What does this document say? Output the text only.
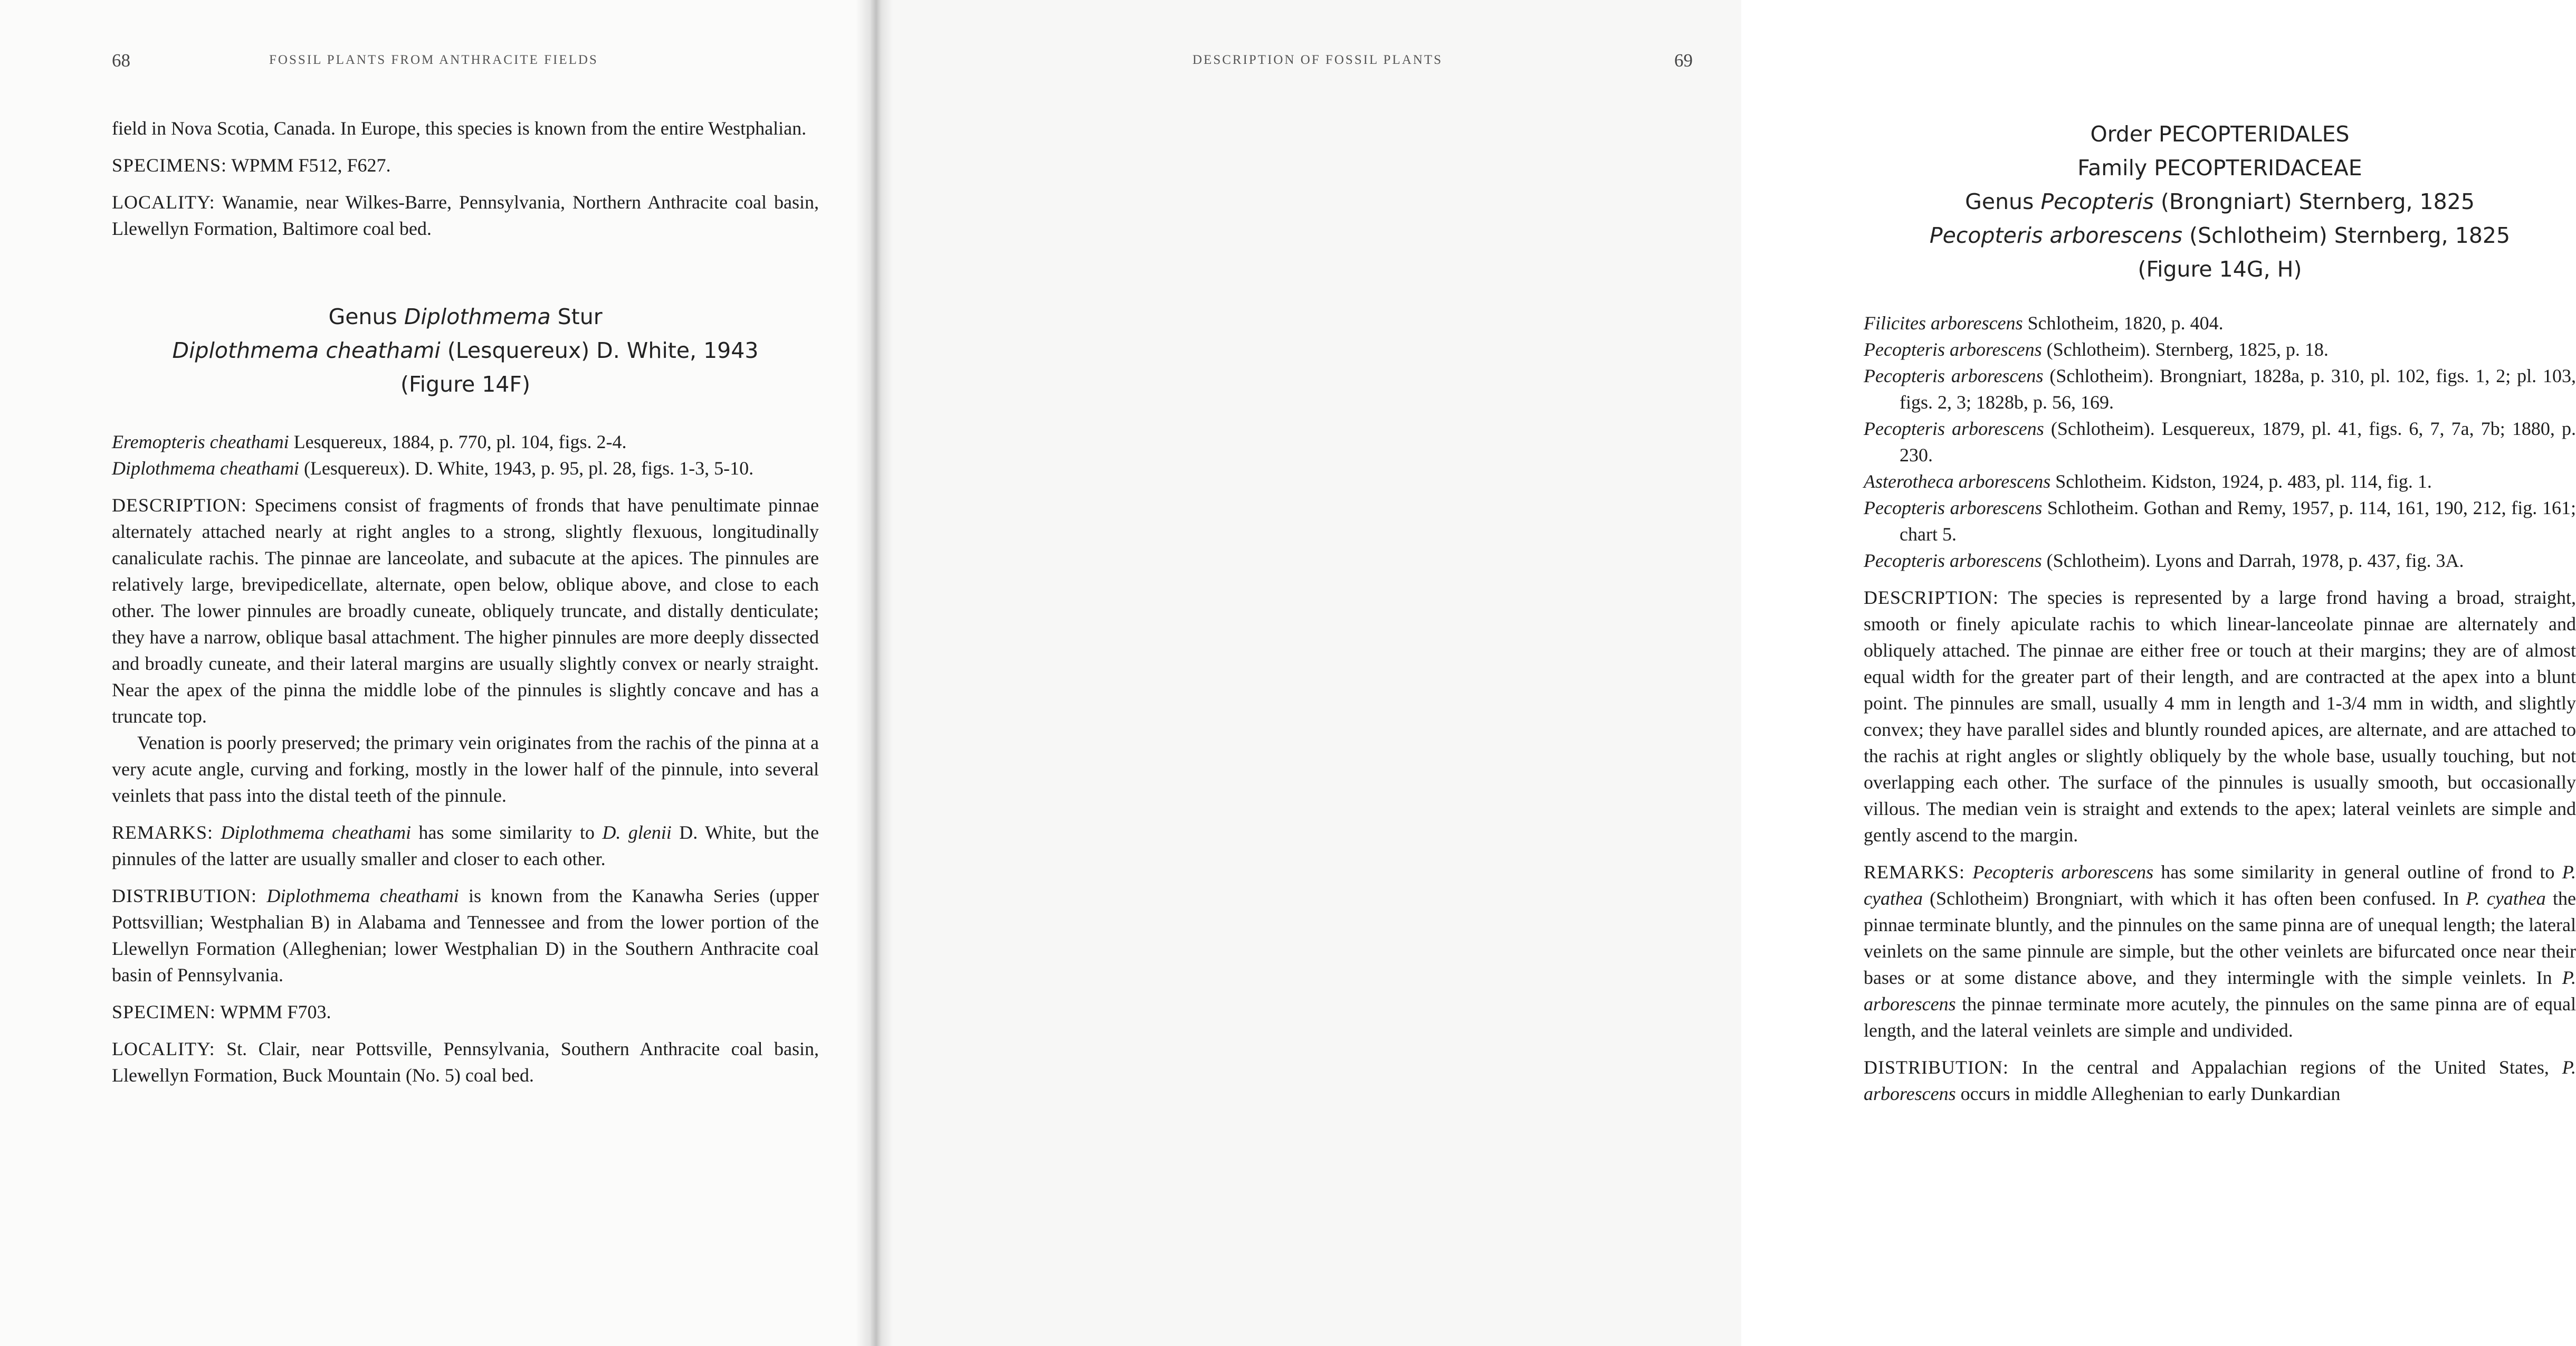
68	FOSSIL PLANTS FROM ANTHRACITE FIELDS

field in Nova Scotia, Canada. In Europe, this species is known from the entire Westphalian.

SPECIMENS: WPMM F512, F627.

LOCALITY: Wanamie, near Wilkes-Barre, Pennsylvania, Northern Anthracite coal basin, Llewellyn Formation, Baltimore coal bed.

Genus Diplothmema Stur
Diplothmema cheathami (Lesquereux) D. White, 1943
(Figure 14F)

Eremopteris cheathami Lesquereux, 1884, p. 770, pl. 104, figs. 2-4.

Diplothmema cheathami (Lesquereux). D. White, 1943, p. 95, pl. 28, figs. 1-3, 5-10.

DESCRIPTION: Specimens consist of fragments of fronds that have penultimate pinnae alternately attached nearly at right angles to a strong, slightly flexuous, longitudinally canaliculate rachis. The pinnae are lanceolate, and subacute at the apices. The pinnules are relatively large, brevipedicellate, alternate, open below, oblique above, and close to each other. The lower pinnules are broadly cuneate, obliquely truncate, and distally denticulate; they have a narrow, oblique basal attachment. The higher pinnules are more deeply dissected and broadly cuneate, and their lateral margins are usually slightly convex or nearly straight. Near the apex of the pinna the middle lobe of the pinnules is slightly concave and has a truncate top.

Venation is poorly preserved; the primary vein originates from the rachis of the pinna at a very acute angle, curving and forking, mostly in the lower half of the pinnule, into several veinlets that pass into the distal teeth of the pinnule.

REMARKS: Diplothmema cheathami has some similarity to D. glenii D. White, but the pinnules of the latter are usually smaller and closer to each other.

DISTRIBUTION: Diplothmema cheathami is known from the Kanawha Series (upper Pottsvillian; Westphalian B) in Alabama and Tennessee and from the lower portion of the Llewellyn Formation (Alleghenian; lower Westphalian D) in the Southern Anthracite coal basin of Pennsylvania.

SPECIMEN: WPMM F703.

LOCALITY: St. Clair, near Pottsville, Pennsylvania, Southern Anthracite coal basin, Llewellyn Formation, Buck Mountain (No. 5) coal bed.

69
DESCRIPTION OF FOSSIL PLANTS
Order PECOPTERIDALES
Family PECOPTERIDACEAE
Genus Pecopteris (Brongniart) Sternberg, 1825
Pecopteris arborescens (Schlotheim) Sternberg, 1825
(Figure 14G, H)

Filicites arborescens Schlotheim, 1820, p. 404.

Pecopteris arborescens (Schlotheim). Sternberg, 1825, p. 18.

Pecopteris arborescens (Schlotheim). Brongniart, 1828a, p. 310, pl. 102, figs. 1, 2; pl. 103, figs. 2, 3; 1828b, p. 56, 169.

Pecopteris arborescens (Schlotheim). Lesquereux, 1879, pl. 41, figs. 6, 7, 7a, 7b; 1880, p. 230.

Asterotheca arborescens Schlotheim. Kidston, 1924, p. 483, pl. 114, fig. 1.

Pecopteris arborescens Schlotheim. Gothan and Remy, 1957, p. 114, 161, 190, 212, fig. 161; chart 5.

Pecopteris arborescens (Schlotheim). Lyons and Darrah, 1978, p. 437, fig. 3A.

DESCRIPTION: The species is represented by a large frond having a broad, straight, smooth or finely apiculate rachis to which linear-lanceolate pinnae are alternately and obliquely attached. The pinnae are either free or touch at their margins; they are of almost equal width for the greater part of their length, and are contracted at the apex into a blunt point. The pinnules are small, usually 4 mm in length and 1-3/4 mm in width, and slightly convex; they have parallel sides and bluntly rounded apices, are alternate, and are attached to the rachis at right angles or slightly obliquely by the whole base, usually touching, but not overlapping each other. The surface of the pinnules is usually smooth, but occasionally villous. The median vein is straight and extends to the apex; lateral veinlets are simple and gently ascend to the margin.

REMARKS: Pecopteris arborescens has some similarity in general outline of frond to P. cyathea (Schlotheim) Brongniart, with which it has often been confused. In P. cyathea the pinnae terminate bluntly, and the pinnules on the same pinna are of unequal length; the lateral veinlets on the same pinnule are simple, but the other veinlets are bifurcated once near their bases or at some distance above, and they intermingle with the simple veinlets. In P. arborescens the pinnae terminate more acutely, the pinnules on the same pinna are of equal length, and the lateral veinlets are simple and undivided.

DISTRIBUTION: In the central and Appalachian regions of the United States, P. arborescens occurs in middle Alleghenian to early Dunkardian
